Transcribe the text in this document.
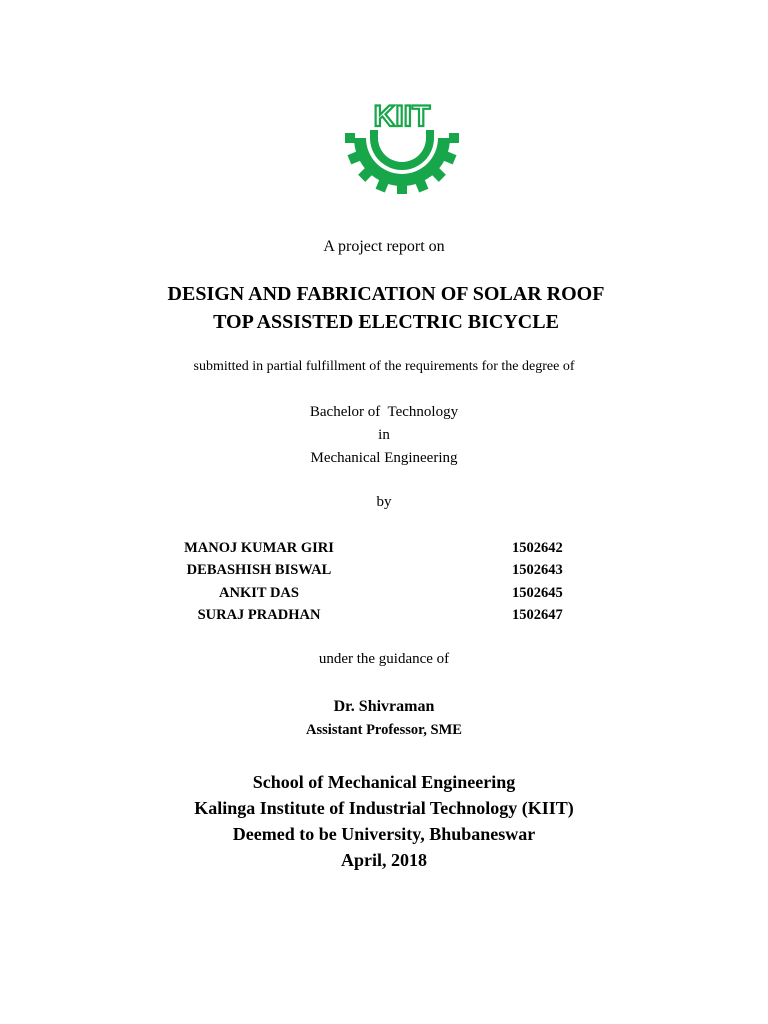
KIIT
A project report on
DESIGN AND FABRICATION OF SOLAR ROOF
TOP ASSISTED ELECTRIC BICYCLE
submitted in partial fulfillment of the requirements for the degree of
Bachelor of  Technology
in
Mechanical Engineering
by
MANOJ KUMAR GIRI	1502642
DEBASHISH BISWAL	1502643
ANKIT DAS	1502645
SURAJ PRADHAN	1502647
under the guidance of
Dr. Shivraman
Assistant Professor, SME
School of Mechanical Engineering
Kalinga Institute of Industrial Technology (KIIT)
Deemed to be University, Bhubaneswar
April, 2018
